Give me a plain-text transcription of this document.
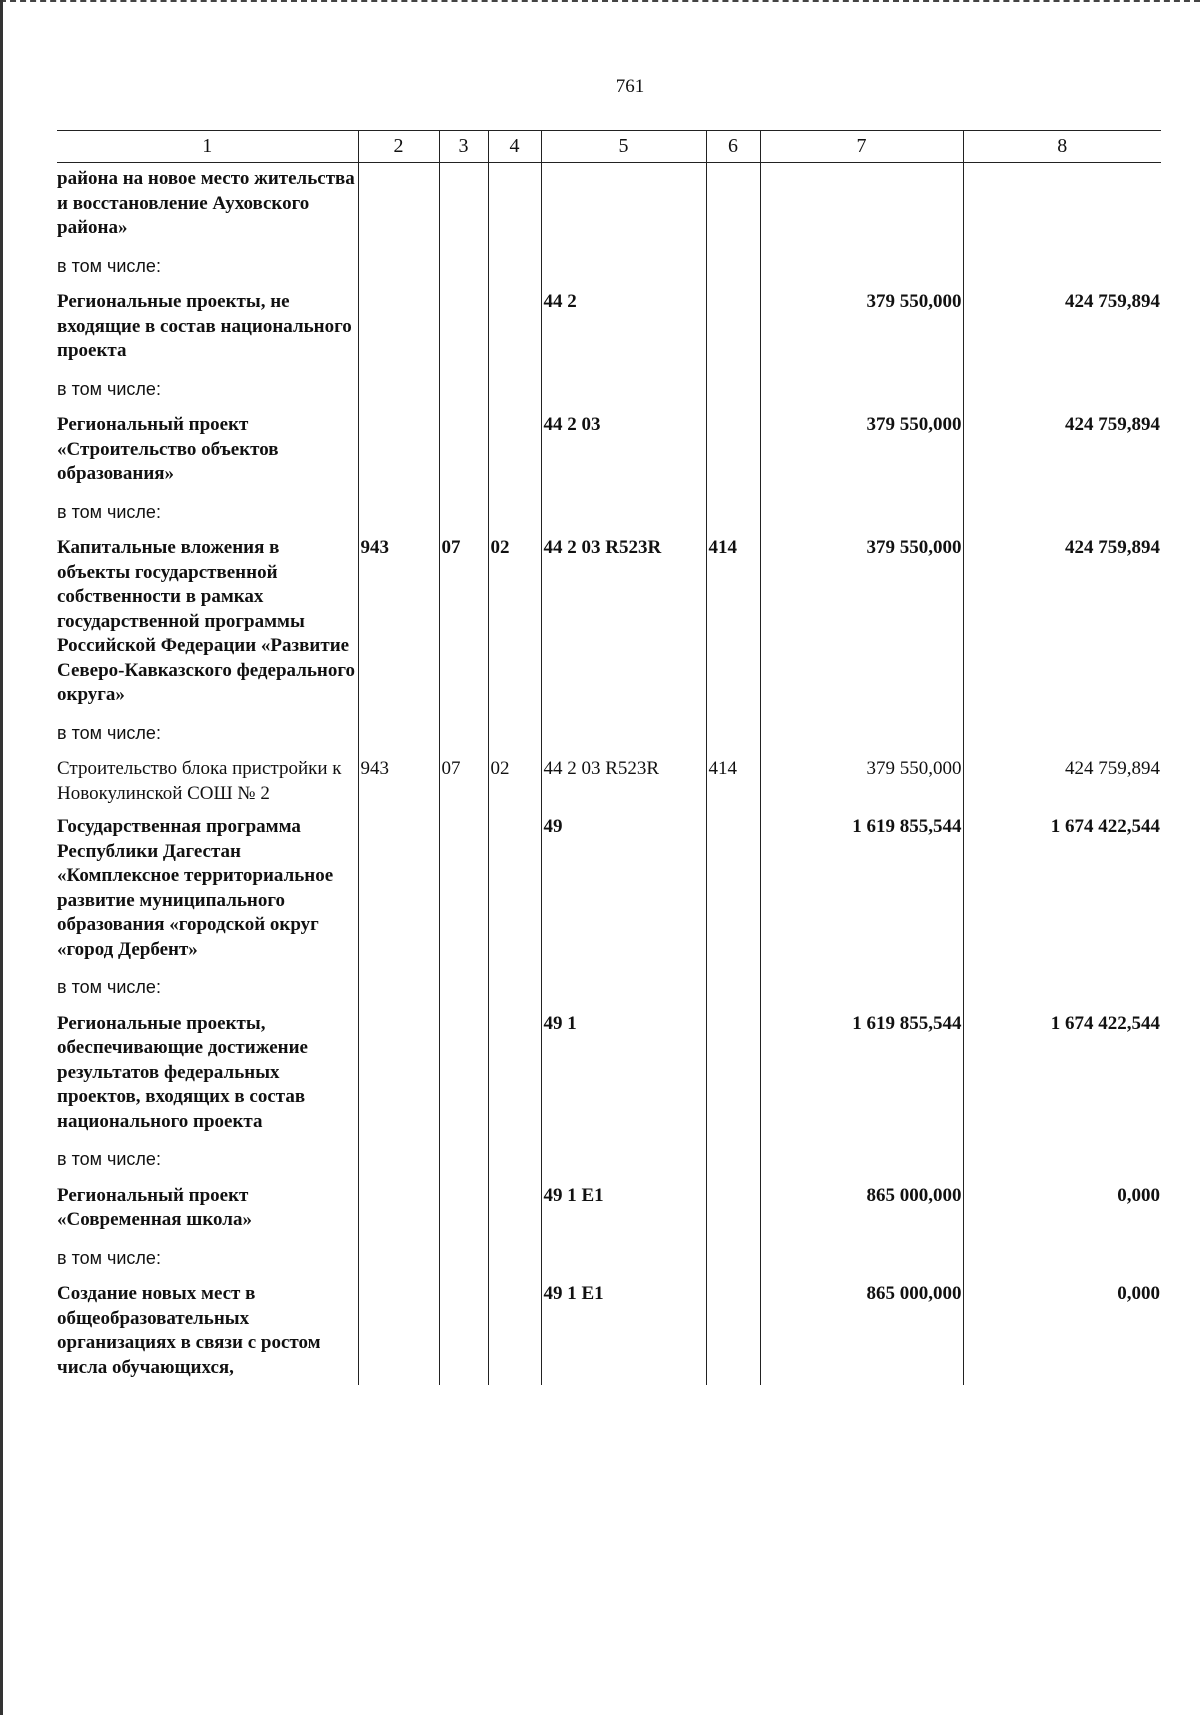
761
1	2	3	4	5	6	7	8
района на новое место жительства и восстановление Ауховского района»							
в том числе:							
Региональные проекты, не входящие в состав национального проекта				44 2		379 550,000	424 759,894
в том числе:							
Региональный проект «Строительство объектов образования»				44 2 03		379 550,000	424 759,894
в том числе:							
Капитальные вложения в объекты государственной собственности в рамках государственной программы Российской Федерации «Развитие Северо-Кавказского федерального округа»	943	07	02	44 2 03 R523R	414	379 550,000	424 759,894
в том числе:							
Строительство блока пристройки к Новокулинской СОШ № 2	943	07	02	44 2 03 R523R	414	379 550,000	424 759,894
Государственная программа Республики Дагестан «Комплексное территориальное развитие муниципального образования «городской округ «город Дербент»				49		1 619 855,544	1 674 422,544
в том числе:							
Региональные проекты, обеспечивающие достижение результатов федеральных проектов, входящих в состав национального проекта				49 1		1 619 855,544	1 674 422,544
в том числе:							
Региональный проект «Современная школа»				49 1 E1		865 000,000	0,000
в том числе:							
Создание новых мест в общеобразовательных организациях в связи с ростом числа обучающихся,				49 1 E1		865 000,000	0,000
